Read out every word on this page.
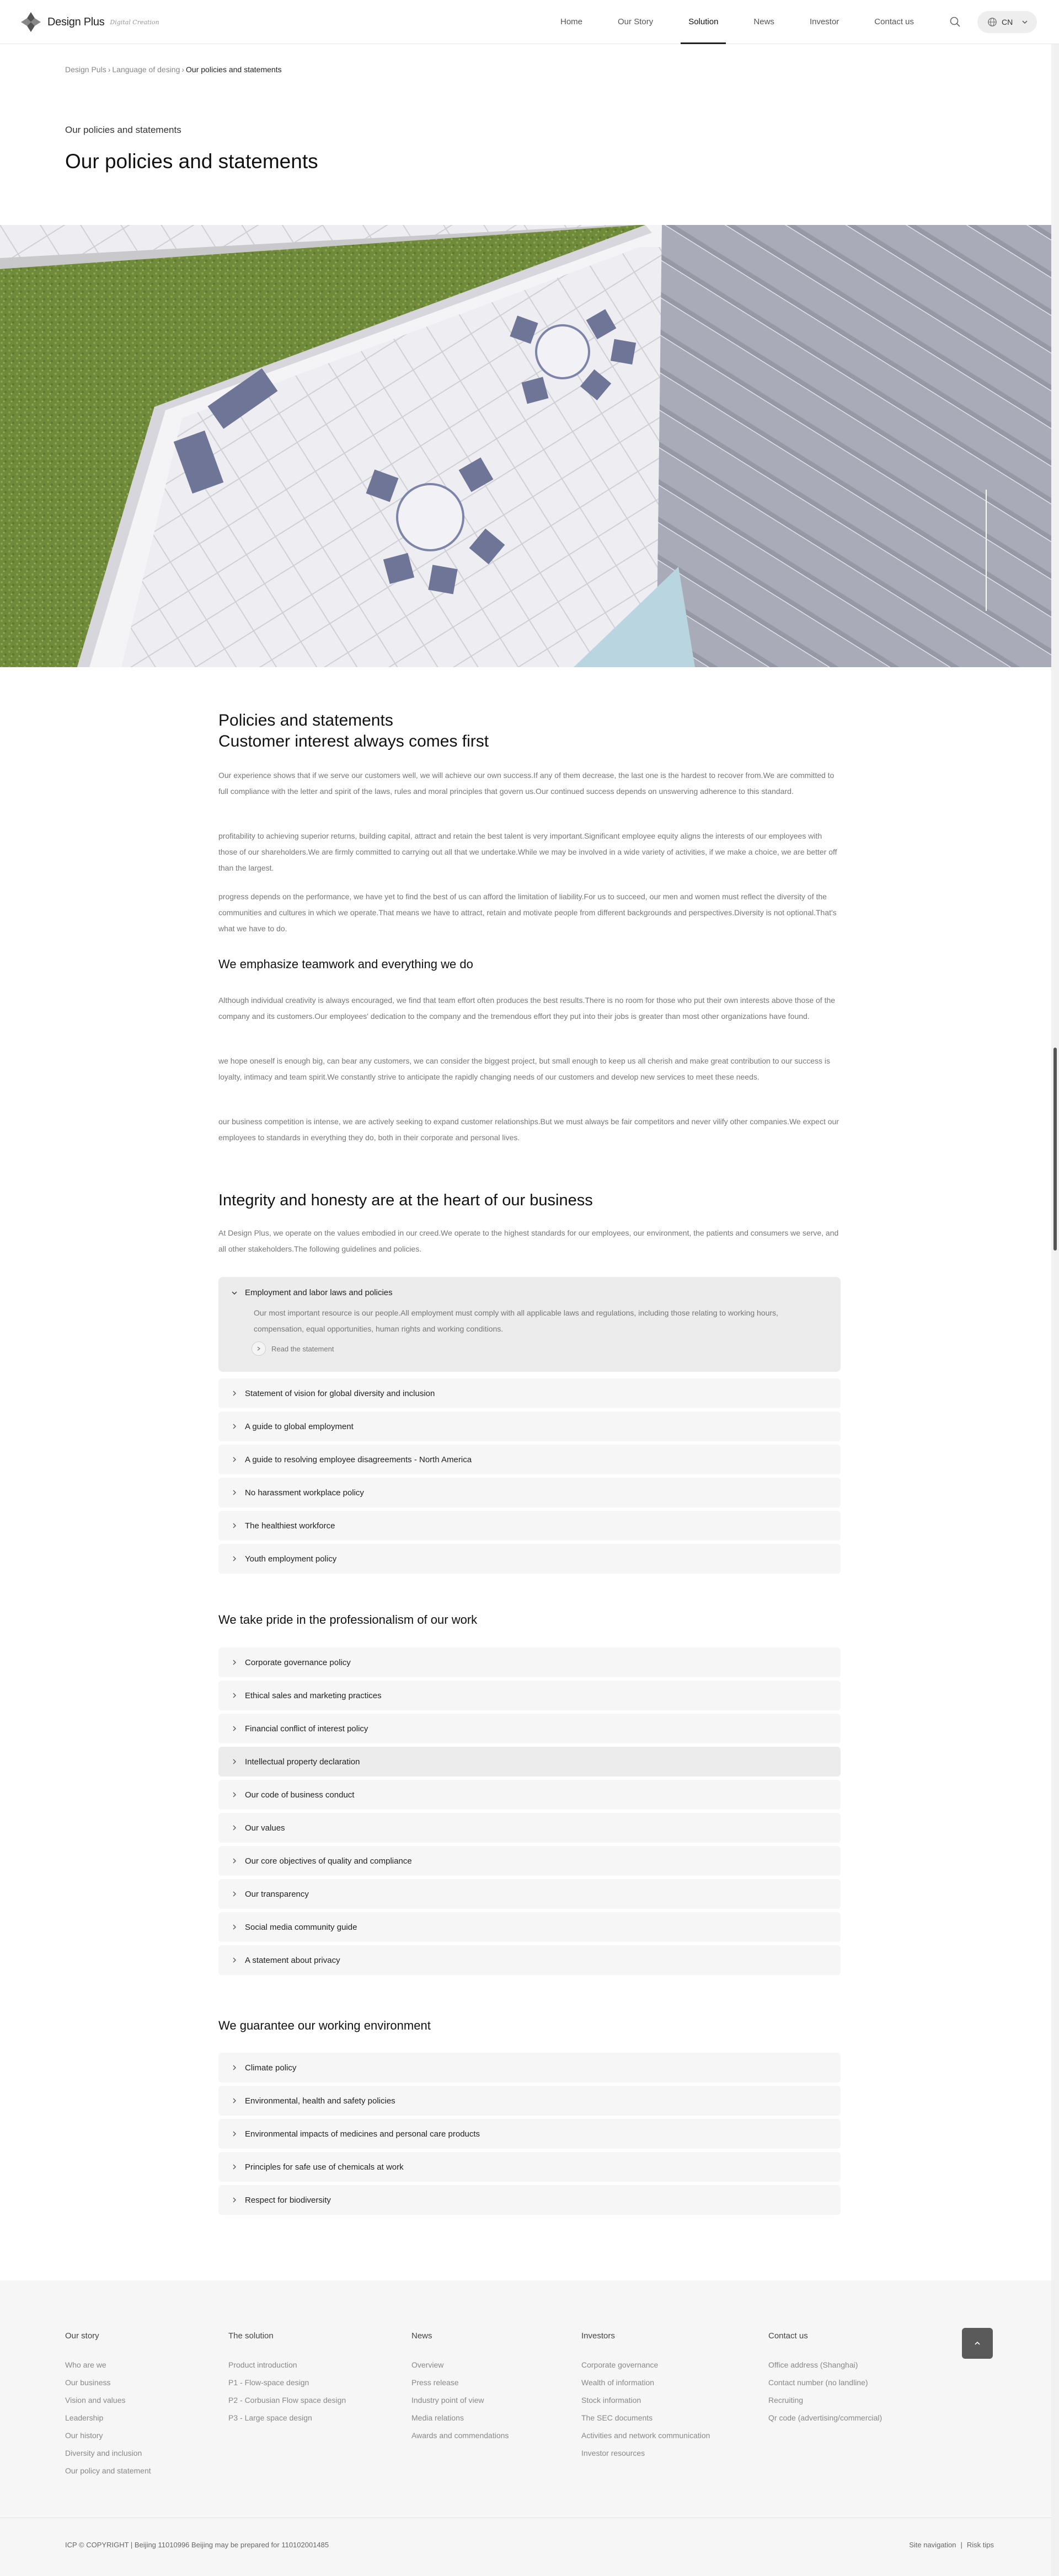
Design Plus Digital Creation	Home	Our Story	Solution	News	Investor	Contact us	CN
Design Puls › Language of desing › Our policies and statements
Our policies and statements
Our policies and statements
Policies and statements
Customer interest always comes first

Our experience shows that if we serve our customers well, we will achieve our own success.If any of them decrease, the last one is the hardest to recover from.We are committed to full compliance with the letter and spirit of the laws, rules and moral principles that govern us.Our continued success depends on unswerving adherence to this standard.

profitability to achieving superior returns, building capital, attract and retain the best talent is very important.Significant employee equity aligns the interests of our employees with those of our shareholders.We are firmly committed to carrying out all that we undertake.While we may be involved in a wide variety of activities, if we make a choice, we are better off than the largest.

progress depends on the performance, we have yet to find the best of us can afford the limitation of liability.For us to succeed, our men and women must reflect the diversity of the communities and cultures in which we operate.That means we have to attract, retain and motivate people from different backgrounds and perspectives.Diversity is not optional.That's what we have to do.

We emphasize teamwork and everything we do

Although individual creativity is always encouraged, we find that team effort often produces the best results.There is no room for those who put their own interests above those of the company and its customers.Our employees' dedication to the company and the tremendous effort they put into their jobs is greater than most other organizations have found.

we hope oneself is enough big, can bear any customers, we can consider the biggest project, but small enough to keep us all cherish and make great contribution to our success is loyalty, intimacy and team spirit.We constantly strive to anticipate the rapidly changing needs of our customers and develop new services to meet these needs.

our business competition is intense, we are actively seeking to expand customer relationships.But we must always be fair competitors and never vilify other companies.We expect our employees to standards in everything they do, both in their corporate and personal lives.

Integrity and honesty are at the heart of our business

At Design Plus, we operate on the values embodied in our creed.We operate to the highest standards for our employees, our environment, the patients and consumers we serve, and all other stakeholders.The following guidelines and policies.

Employment and labor laws and policies
Our most important resource is our people.All employment must comply with all applicable laws and regulations, including those relating to working hours, compensation, equal opportunities, human rights and working conditions.
Read the statement
Statement of vision for global diversity and inclusion
A guide to global employment
A guide to resolving employee disagreements - North America
No harassment workplace policy
The healthiest workforce
Youth employment policy
We take pride in the professionalism of our work
Corporate governance policy
Ethical sales and marketing practices
Financial conflict of interest policy
Intellectual property declaration
Our code of business conduct
Our values
Our core objectives of quality and compliance
Our transparency
Social media community guide
A statement about privacy
We guarantee our working environment
Climate policy
Environmental, health and safety policies
Environmental impacts of medicines and personal care products
Principles for safe use of chemicals at work
Respect for biodiversity
Our story
Who are we
Our business
Vision and values
Leadership
Our history
Diversity and inclusion
Our policy and statement
The solution
Product introduction
P1 - Flow-space design
P2 - Corbusian Flow space design
P3 - Large space design
News
Overview
Press release
Industry point of view
Media relations
Awards and commendations
Investors
Corporate governance
Wealth of information
Stock information
The SEC documents
Activities and network communication
Investor resources
Contact us
Office address (Shanghai)
Contact number (no landline)
Recruiting
Qr code (advertising/commercial)
ICP © COPYRIGHT | Beijing 11010996 Beijing may be prepared for 110102001485	Site navigation | Risk tips
